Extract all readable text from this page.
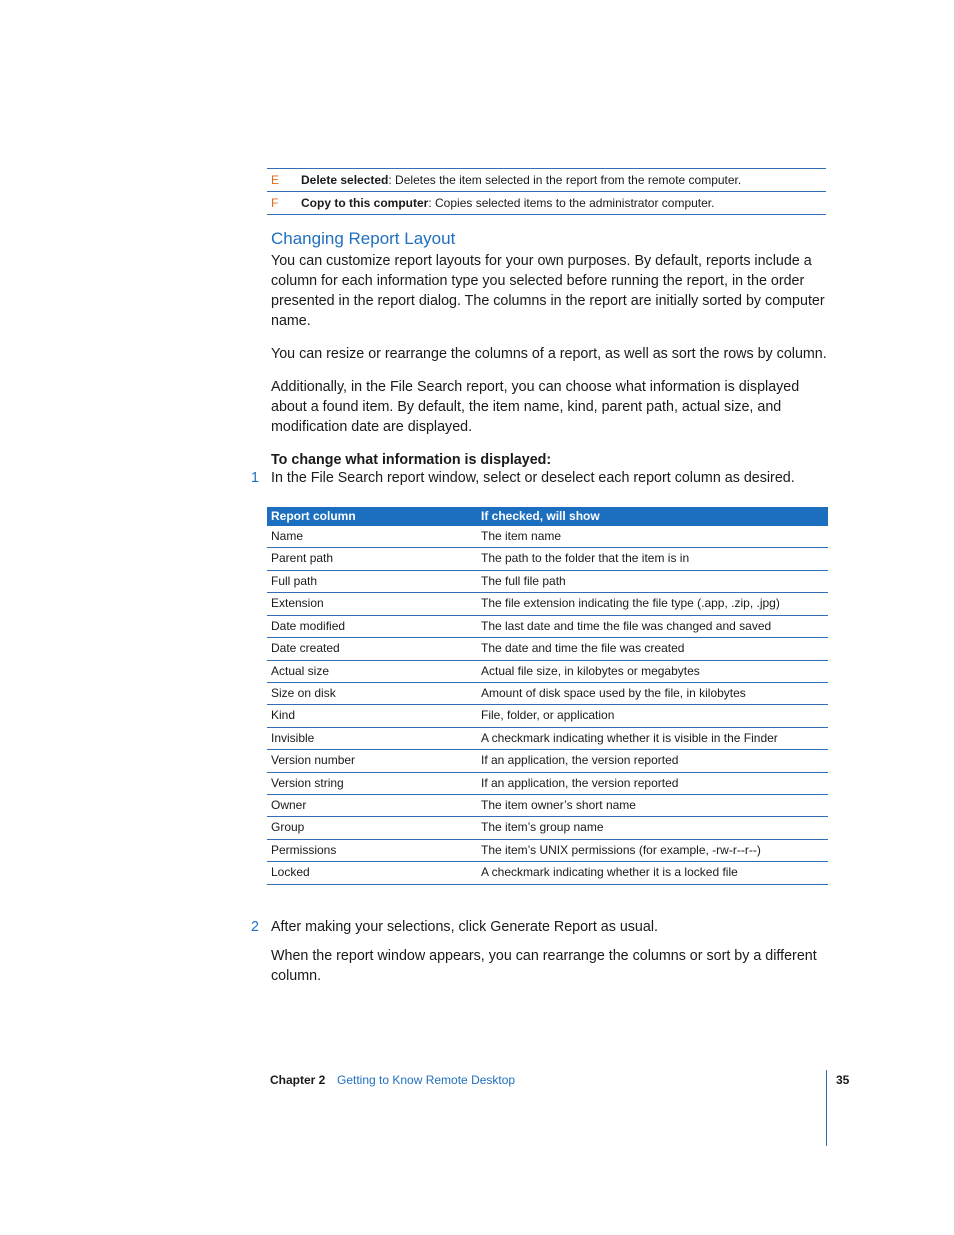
E Delete selected: Deletes the item selected in the report from the remote computer.
F Copy to this computer: Copies selected items to the administrator computer.
Changing Report Layout
You can customize report layouts for your own purposes. By default, reports include a column for each information type you selected before running the report, in the order presented in the report dialog. The columns in the report are initially sorted by computer name.
You can resize or rearrange the columns of a report, as well as sort the rows by column.
Additionally, in the File Search report, you can choose what information is displayed about a found item. By default, the item name, kind, parent path, actual size, and modification date are displayed.
To change what information is displayed:
1 In the File Search report window, select or deselect each report column as desired.
Report column	If checked, will show
Name	The item name
Parent path	The path to the folder that the item is in
Full path	The full file path
Extension	The file extension indicating the file type (.app, .zip, .jpg)
Date modified	The last date and time the file was changed and saved
Date created	The date and time the file was created
Actual size	Actual file size, in kilobytes or megabytes
Size on disk	Amount of disk space used by the file, in kilobytes
Kind	File, folder, or application
Invisible	A checkmark indicating whether it is visible in the Finder
Version number	If an application, the version reported
Version string	If an application, the version reported
Owner	The item owner’s short name
Group	The item’s group name
Permissions	The item’s UNIX permissions (for example, -rw-r--r--)
Locked	A checkmark indicating whether it is a locked file
2 After making your selections, click Generate Report as usual.
When the report window appears, you can rearrange the columns or sort by a different column.
Chapter 2 Getting to Know Remote Desktop	35
